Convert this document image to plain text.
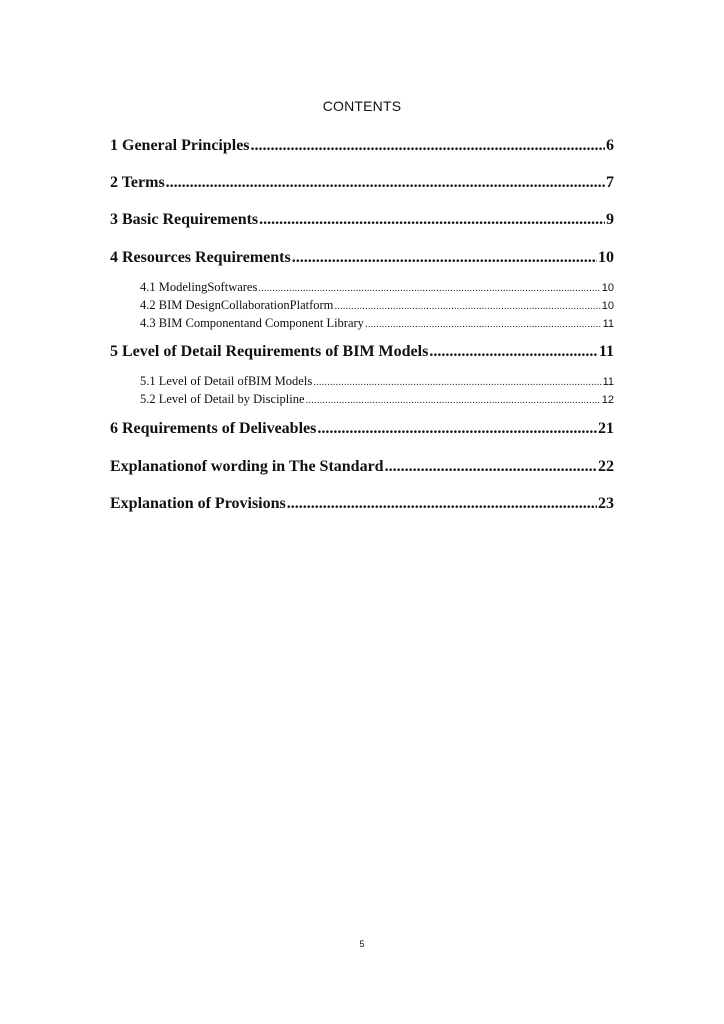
CONTENTS
1 General Principles .....	6
2 Terms .....	7
3 Basic Requirements .....	9
4 Resources Requirements .....	10
4.1 ModelingSoftwares .....	10
4.2 BIM DesignCollaborationPlatform .....	10
4.3 BIM Componentand Component Library .....	11
5 Level of Detail Requirements of BIM Models .....	11
5.1 Level of Detail ofBIM Models .....	11
5.2 Level of Detail by Discipline .....	12
6 Requirements of Deliveables .....	21
Explanationof wording in The Standard .....	22
Explanation of Provisions .....	23
5
